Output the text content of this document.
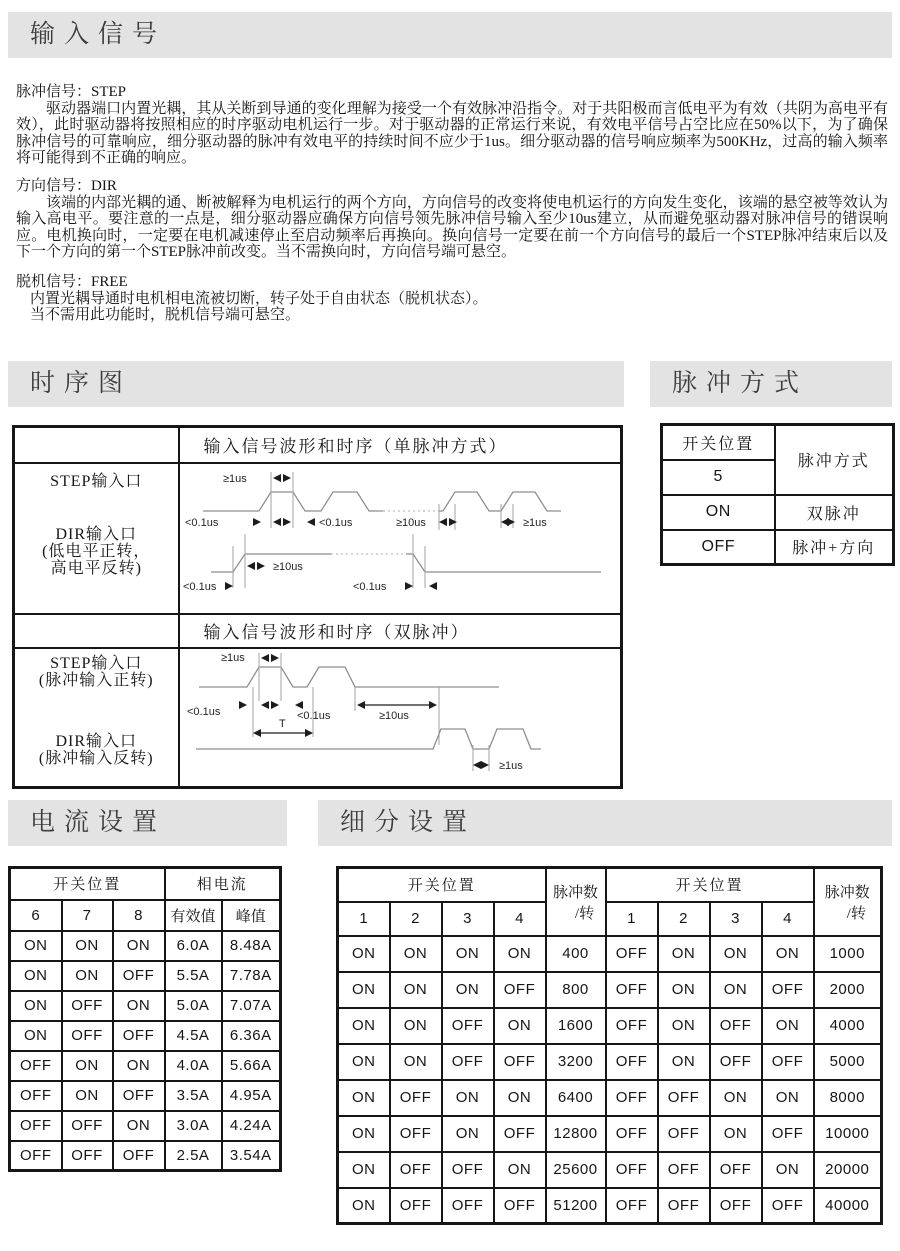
输入信号
脉冲信号：STEP

驱动器端口内置光耦，其从关断到导通的变化理解为接受一个有效脉冲沿指令。对于共阳极而言低电平为有效（共阴为高电平有效），此时驱动器将按照相应的时序驱动电机运行一步。对于驱动器的正常运行来说，有效电平信号占空比应在50%以下，为了确保脉冲信号的可靠响应，细分驱动器的脉冲有效电平的持续时间不应少于1us。细分驱动器的信号响应频率为500KHz，过高的输入频率将可能得到不正确的响应。

方向信号：DIR

该端的内部光耦的通、断被解释为电机运行的两个方向，方向信号的改变将使电机运行的方向发生变化，该端的悬空被等效认为输入高电平。要注意的一点是，细分驱动器应确保方向信号领先脉冲信号输入至少10us建立，从而避免驱动器对脉冲信号的错误响应。电机换向时，一定要在电机减速停止至启动频率后再换向。换向信号一定要在前一个方向信号的最后一个STEP脉冲结束后以及下一个方向的第一个STEP脉冲前改变。当不需换向时，方向信号端可悬空。

脱机信号：FREE
内置光耦导通时电机相电流被切断，转子处于自由状态（脱机状态）。
当不需用此功能时，脱机信号端可悬空。
时序图	脉冲方式
	输入信号波形和时序（单脉冲方式）

STEP输入口
DIR输入口
(低电平正转，
高电平反转)

≥1us
<0.1us	<0.1us	≥10us	≥1us
<0.1us
≥10us
<0.1us

	输入信号波形和时序（双脉冲）

STEP输入口
(脉冲输入正转)
DIR输入口
(脉冲输入反转)

≥1us
<0.1us	<0.1us	≥10us
T
≥1us
开关位置	脉冲方式
5	
ON	双脉冲
OFF	脉冲+方向
电流设置	细分设置
开关位置			相电流	
6	7	8	有效值	峰值
ON	ON	ON	6.0A	8.48A
ON	ON	OFF	5.5A	7.78A
ON	OFF	ON	5.0A	7.07A
ON	OFF	OFF	4.5A	6.36A
OFF	ON	ON	4.0A	5.66A
OFF	ON	OFF	3.5A	4.95A
OFF	OFF	ON	3.0A	4.24A
OFF	OFF	OFF	2.5A	3.54A
开关位置	脉冲数
/转
	开关位置	脉冲数
/转

1	2	3	4		1	2	3	4	
ON	ON	ON	ON	400	OFF	ON	ON	ON	1000
ON	ON	ON	OFF	800	OFF	ON	ON	OFF	2000
ON	ON	OFF	ON	1600	OFF	ON	OFF	ON	4000
ON	ON	OFF	OFF	3200	OFF	ON	OFF	OFF	5000
ON	OFF	ON	ON	6400	OFF	OFF	ON	ON	8000
ON	OFF	ON	OFF	12800	OFF	OFF	ON	OFF	10000
ON	OFF	OFF	ON	25600	OFF	OFF	OFF	ON	20000
ON	OFF	OFF	OFF	51200	OFF	OFF	OFF	OFF	40000
